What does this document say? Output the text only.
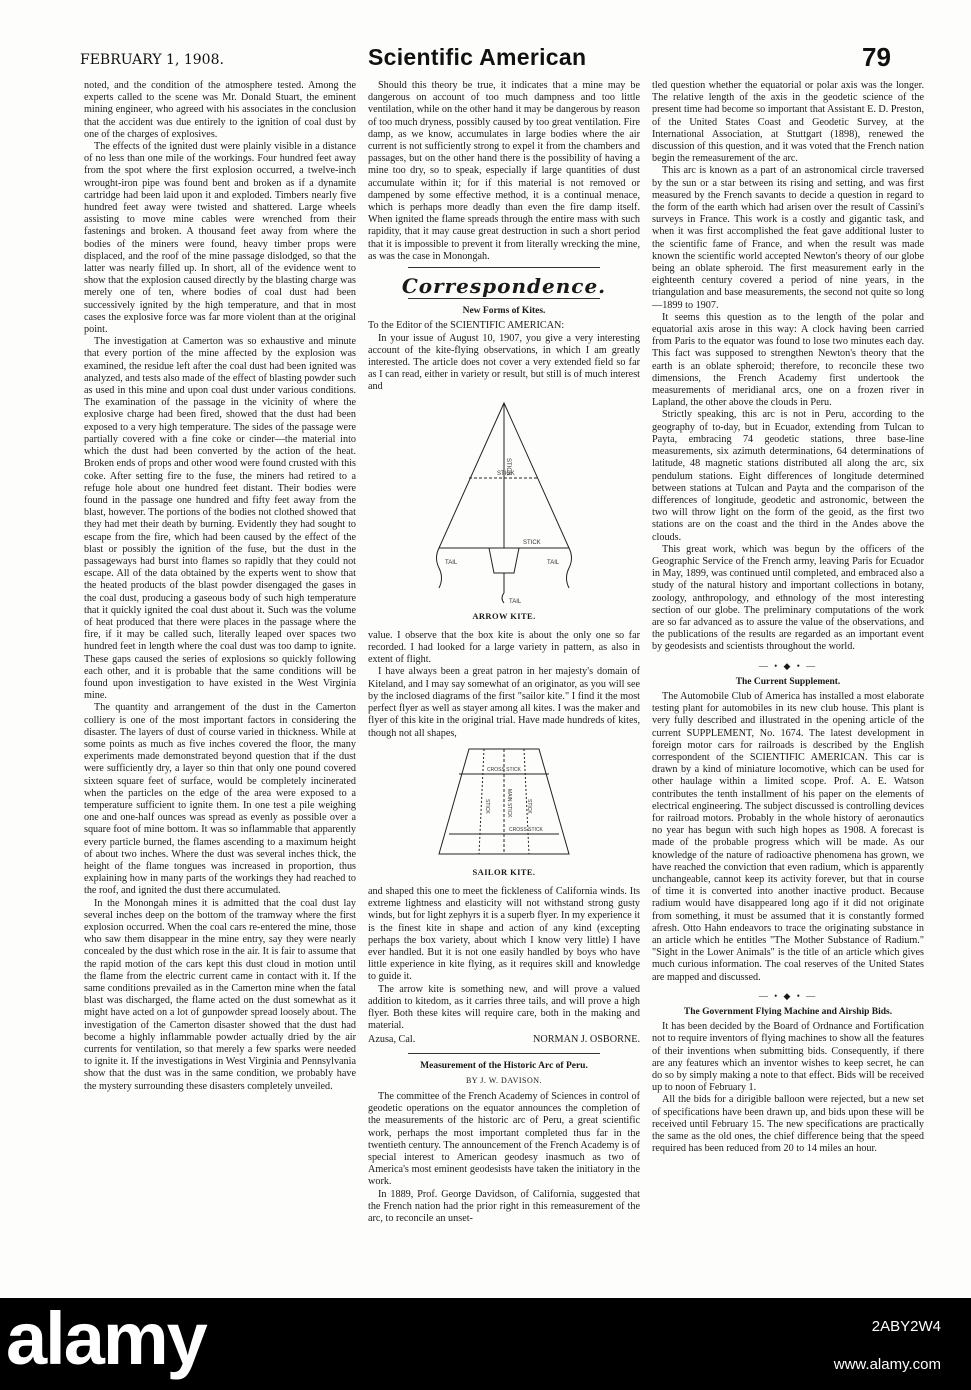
FEBRUARY 1, 1908.	Scientific American	79

noted, and the condition of the atmosphere tested. Among the experts called to the scene was Mr. Donald Stuart, the eminent mining engineer, who agreed with his associates in the conclusion that the accident was due entirely to the ignition of coal dust by one of the charges of explosives.

The effects of the ignited dust were plainly visible in a distance of no less than one mile of the workings. Four hundred feet away from the spot where the first explosion occurred, a twelve-inch wrought-iron pipe was found bent and broken as if a dynamite cartridge had been laid upon it and exploded. Timbers nearly five hundred feet away were twisted and shattered. Large wheels assisting to move mine cables were wrenched from their fastenings and broken. A thousand feet away from where the bodies of the miners were found, heavy timber props were displaced, and the roof of the mine passage dislodged, so that the latter was nearly filled up. In short, all of the evidence went to show that the explosion caused directly by the blasting charge was merely one of ten, where bodies of coal dust had been successively ignited by the high temperature, and that in most cases the explosive force was far more violent than at the original point.

The investigation at Camerton was so exhaustive and minute that every portion of the mine affected by the explosion was examined, the residue left after the coal dust had been ignited was analyzed, and tests also made of the effect of blasting powder such as used in this mine and upon coal dust under various conditions. The examination of the passage in the vicinity of where the explosive charge had been fired, showed that the dust had been exposed to a very high temperature. The sides of the passage were partially covered with a fine coke or cinder—the material into which the dust had been converted by the action of the heat. Broken ends of props and other wood were found crusted with this coke. After setting fire to the fuse, the miners had retired to a refuge hole about one hundred feet distant. Their bodies were found in the passage one hundred and fifty feet away from the blast, however. The portions of the bodies not clothed showed that they had met their death by burning. Evidently they had sought to escape from the fire, which had been caused by the effect of the blast or possibly the ignition of the fuse, but the dust in the passageways had burst into flames so rapidly that they could not escape. All of the data obtained by the experts went to show that the heated products of the blast powder disengaged the gases in the coal dust, producing a gaseous body of such high temperature that it quickly ignited the coal dust about it. Such was the volume of heat produced that there were places in the passage where the fire, if it may be called such, literally leaped over spaces two hundred feet in length where the coal dust was too damp to ignite. These gaps caused the series of explosions so quickly following each other, and it is probable that the same conditions will be found upon investigation to have existed in the West Virginia mine.

The quantity and arrangement of the dust in the Camerton colliery is one of the most important factors in considering the disaster. The layers of dust of course varied in thickness. While at some points as much as five inches covered the floor, the many experiments made demonstrated beyond question that if the dust were sufficiently dry, a layer so thin that only one pound covered sixteen square feet of surface, would be completely incinerated when the particles on the edge of the area were exposed to a temperature sufficient to ignite them. In one test a pile weighing one and one-half ounces was spread as evenly as possible over a square foot of mine bottom. It was so inflammable that apparently every particle burned, the flames ascending to a maximum height of about two inches. Where the dust was several inches thick, the height of the flame tongues was increased in proportion, thus explaining how in many parts of the workings they had reached to the roof, and ignited the dust there accumulated.

In the Monongah mines it is admitted that the coal dust lay several inches deep on the bottom of the tramway where the first explosion occurred. When the coal cars re-entered the mine, those who saw them disappear in the mine entry, say they were nearly concealed by the dust which rose in the air. It is fair to assume that the rapid motion of the cars kept this dust cloud in motion until the flame from the electric current came in contact with it. If the same conditions prevailed as in the Camerton mine when the fatal blast was discharged, the flame acted on the dust somewhat as it might have acted on a lot of gunpowder spread loosely about. The investigation of the Camerton disaster showed that the dust had become a highly inflammable powder actually dried by the air currents for ventilation, so that merely a few sparks were needed to ignite it. If the investigations in West Virginia and Pennsylvania show that the dust was in the same condition, we probably have the mystery surrounding these disasters completely unveiled.

Should this theory be true, it indicates that a mine may be dangerous on account of too much dampness and too little ventilation, while on the other hand it may be dangerous by reason of too much dryness, possibly caused by too great ventilation. Fire damp, as we know, accumulates in large bodies where the air current is not sufficiently strong to expel it from the chambers and passages, but on the other hand there is the possibility of having a mine too dry, so to speak, especially if large quantities of dust accumulate within it; for if this material is not removed or dampened by some effective method, it is a continual menace, which is perhaps more deadly than even the fire damp itself. When ignited the flame spreads through the entire mass with such rapidity, that it may cause great destruction in such a short period that it is impossible to prevent it from literally wrecking the mine, as was the case in Monongah.

Correspondence.
New Forms of Kites.

To the Editor of the SCIENTIFIC AMERICAN:

In your issue of August 10, 1907, you give a very interesting account of the kite-flying observations, in which I am greatly interested. The article does not cover a very extended field so far as I can read, either in variety or result, but still is of much interest and

STICK
STICK
STICK
TAIL	TAIL
TAIL
ARROW KITE.

value. I observe that the box kite is about the only one so far recorded. I had looked for a large variety in pattern, as also in extent of flight.

I have always been a great patron in her majesty's domain of Kiteland, and I may say somewhat of an originator, as you will see by the inclosed diagrams of the first "sailor kite." I find it the most perfect flyer as well as stayer among all kites. I was the maker and flyer of this kite in the original trial. Have made hundreds of kites, though not all shapes,

CROSS STICK
CROSS STICK
MAIN STICK
STICK	STICK
SAILOR KITE.

and shaped this one to meet the fickleness of California winds. Its extreme lightness and elasticity will not withstand strong gusty winds, but for light zephyrs it is a superb flyer. In my experience it is the finest kite in shape and action of any kind (excepting perhaps the box variety, about which I know very little) I have ever handled. But it is not one easily handled by boys who have little experience in kite flying, as it requires skill and knowledge to guide it.

The arrow kite is something new, and will prove a valued addition to kitedom, as it carries three tails, and will prove a high flyer. Both these kites will require care, both in the making and material.

Azusa, Cal.	NORMAN J. OSBORNE.
Measurement of the Historic Arc of Peru.
BY J. W. DAVISON.

The committee of the French Academy of Sciences in control of geodetic operations on the equator announces the completion of the measurements of the historic arc of Peru, a great scientific work, perhaps the most important completed thus far in the twentieth century. The announcement of the French Academy is of special interest to American geodesy inasmuch as two of America's most eminent geodesists have taken the initiatory in the work.

In 1889, Prof. George Davidson, of California, suggested that the French nation had the prior right in this remeasurement of the arc, to reconcile an unset-

tled question whether the equatorial or polar axis was the longer. The relative length of the axis in the geodetic science of the present time had become so important that Assistant E. D. Preston, of the United States Coast and Geodetic Survey, at the International Association, at Stuttgart (1898), renewed the discussion of this question, and it was voted that the French nation begin the remeasurement of the arc.

This arc is known as a part of an astronomical circle traversed by the sun or a star between its rising and setting, and was first measured by the French savants to decide a question in regard to the form of the earth which had arisen over the result of Cassini's surveys in France. This work is a costly and gigantic task, and when it was first accomplished the feat gave additional luster to the scientific fame of France, and when the result was made known the scientific world accepted Newton's theory of our globe being an oblate spheroid. The first measurement early in the eighteenth century covered a period of nine years, in the triangulation and base measurements, the second not quite so long—1899 to 1907.

It seems this question as to the length of the polar and equatorial axis arose in this way: A clock having been carried from Paris to the equator was found to lose two minutes each day. This fact was supposed to strengthen Newton's theory that the earth is an oblate spheroid; therefore, to reconcile these two dimensions, the French Academy first undertook the measurements of meridianal arcs, one on a frozen river in Lapland, the other above the clouds in Peru.

Strictly speaking, this arc is not in Peru, according to the geography of to-day, but in Ecuador, extending from Tulcan to Payta, embracing 74 geodetic stations, three base-line measurements, six azimuth determinations, 64 determinations of latitude, 48 magnetic stations distributed all along the arc, six pendulum stations. Eight differences of longitude determined between stations at Tulcan and Payta and the comparison of the differences of longitude, geodetic and astronomic, between the two will throw light on the form of the geoid, as the first two stations are on the coast and the third in the Andes above the clouds.

This great work, which was begun by the officers of the Geographic Service of the French army, leaving Paris for Ecuador in May, 1899, was continued until completed, and embraced also a study of the natural history and important collections in botany, zoology, anthropology, and ethnology of the most interesting section of our globe. The preliminary computations of the work are so far advanced as to assure the value of the observations, and the publications of the results are regarded as an important event by geodesists and scientists throughout the world.

— • ◆ • —
The Current Supplement.

The Automobile Club of America has installed a most elaborate testing plant for automobiles in its new club house. This plant is very fully described and illustrated in the opening article of the current SUPPLEMENT, No. 1674. The latest development in foreign motor cars for railroads is described by the English correspondent of the SCIENTIFIC AMERICAN. This car is drawn by a kind of miniature locomotive, which can be used for other haulage within a limited scope. Prof. A. E. Watson contributes the tenth installment of his paper on the elements of electrical engineering. The subject discussed is controlling devices for railroad motors. Probably in the whole history of aeronautics no year has begun with such high hopes as 1908. A forecast is made of the probable progress which will be made. As our knowledge of the nature of radioactive phenomena has grown, we have reached the conviction that even radium, which is apparently unchangeable, cannot keep its activity forever, but that in course of time it is converted into another inactive product. Because radium would have disappeared long ago if it did not originate from something, it must be assumed that it is constantly formed afresh. Otto Hahn endeavors to trace the originating substance in an article which he entitles "The Mother Substance of Radium." "Sight in the Lower Animals" is the title of an article which gives much curious information. The coal reserves of the United States are mapped and discussed.

— • ◆ • —
The Government Flying Machine and Airship Bids.

It has been decided by the Board of Ordnance and Fortification not to require inventors of flying machines to show all the features of their inventions when submitting bids. Consequently, if there are any features which an inventor wishes to keep secret, he can do so by simply making a note to that effect. Bids will be received up to noon of February 1.

All the bids for a dirigible balloon were rejected, but a new set of specifications have been drawn up, and bids upon these will be received until February 15. The new specifications are practically the same as the old ones, the chief difference being that the speed required has been reduced from 20 to 14 miles an hour.

alamy	2ABY2W4
www.alamy.com
